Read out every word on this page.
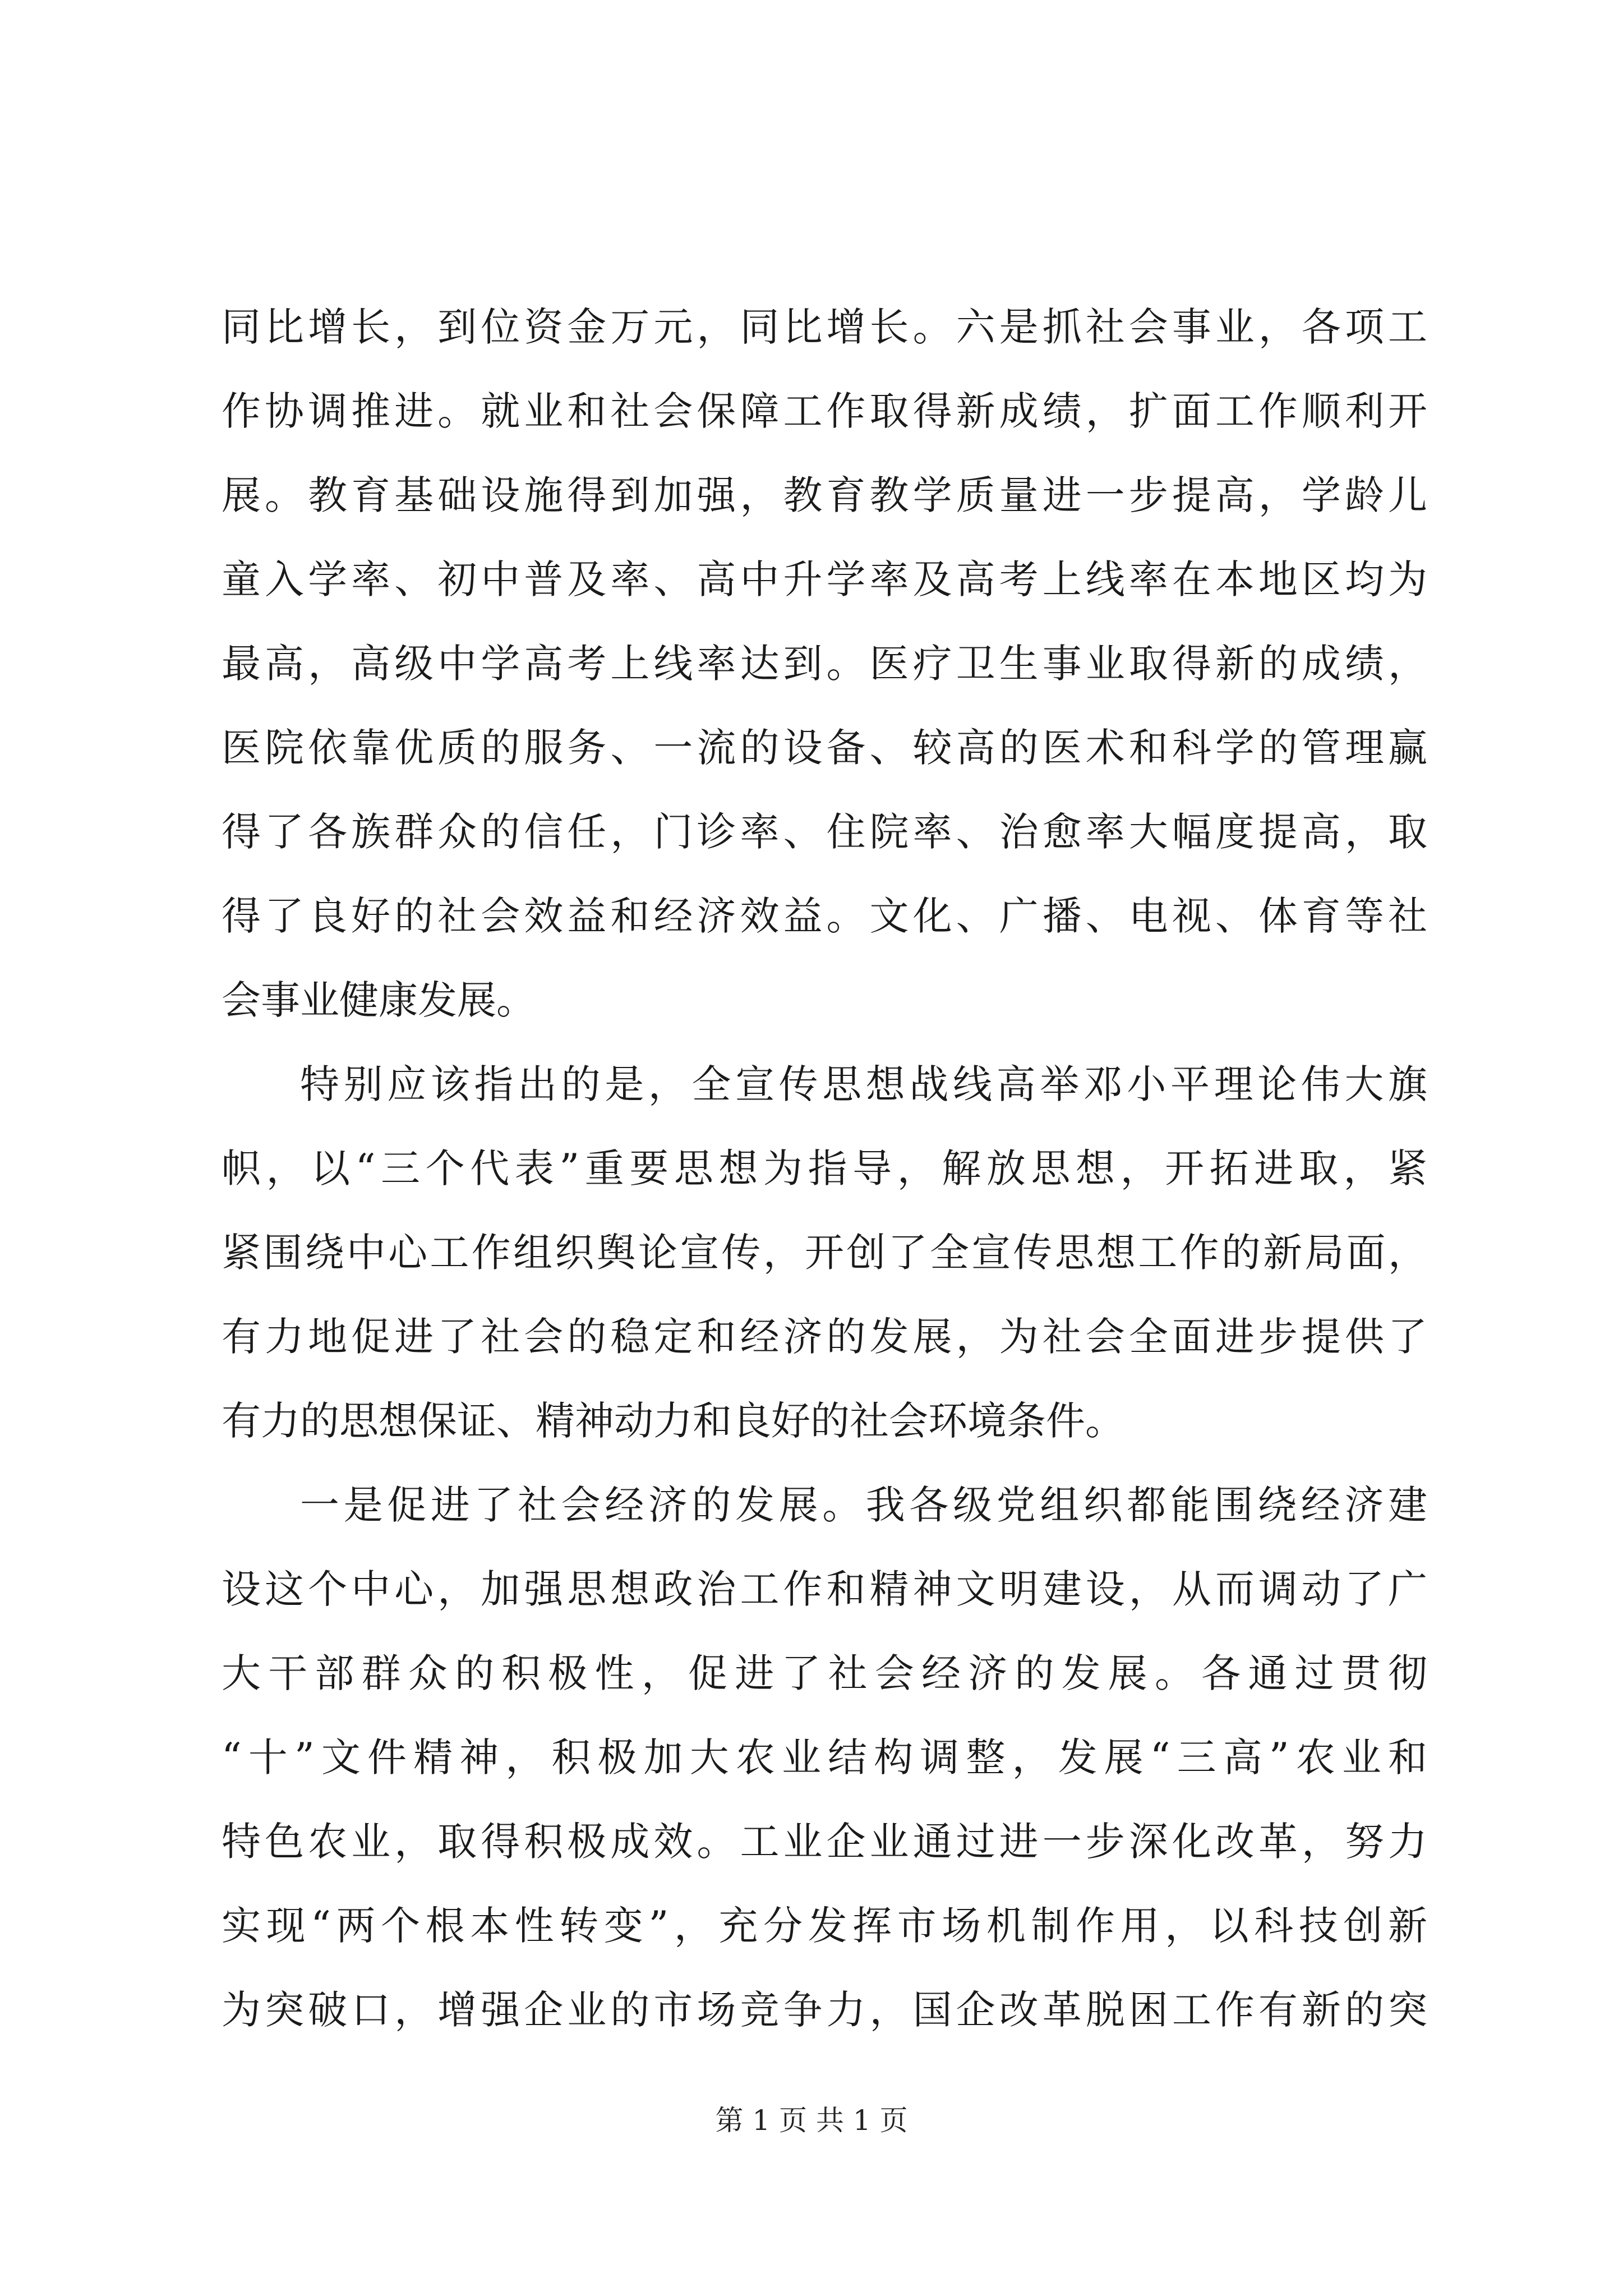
同比增长，到位资金万元，同比增长。六是抓社会事业，各项工
作协调推进。就业和社会保障工作取得新成绩，扩面工作顺利开
展。教育基础设施得到加强，教育教学质量进一步提高，学龄儿
童入学率、初中普及率、高中升学率及高考上线率在本地区均为
最高，高级中学高考上线率达到。医疗卫生事业取得新的成绩，
医院依靠优质的服务、一流的设备、较高的医术和科学的管理赢
得了各族群众的信任，门诊率、住院率、治愈率大幅度提高，取
得了良好的社会效益和经济效益。文化、广播、电视、体育等社
会事业健康发展。
特别应该指出的是，全宣传思想战线高举邓小平理论伟大旗
帜，以“三个代表”重要思想为指导，解放思想，开拓进取，紧
紧围绕中心工作组织舆论宣传，开创了全宣传思想工作的新局面，
有力地促进了社会的稳定和经济的发展，为社会全面进步提供了
有力的思想保证、精神动力和良好的社会环境条件。
一是促进了社会经济的发展。我各级党组织都能围绕经济建
设这个中心，加强思想政治工作和精神文明建设，从而调动了广
大干部群众的积极性，促进了社会经济的发展。各通过贯彻
“十”文件精神，积极加大农业结构调整，发展“三高”农业和
特色农业，取得积极成效。工业企业通过进一步深化改革，努力
实现“两个根本性转变”，充分发挥市场机制作用，以科技创新
为突破口，增强企业的市场竞争力，国企改革脱困工作有新的突
第 1 页 共 1 页
